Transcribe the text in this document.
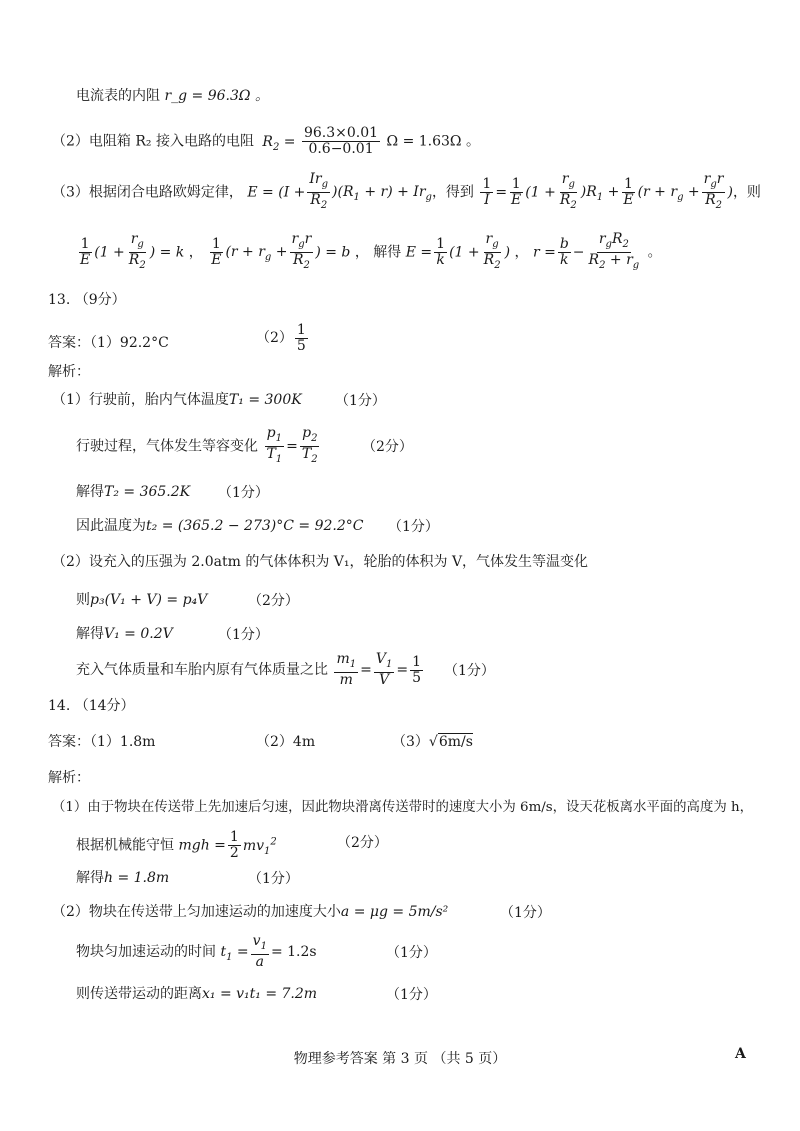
电流表的内阻 r_g = 96.3Ω 。
（2）电阻箱 R₂ 接入电路的电阻 $R_2 = \frac{96.3\times 0.01}{0.6-0.01}$ Ω = 1.63Ω 。
（3）根据闭合电路欧姆定律， $E = (I + \frac{Ir_g}{R_2} )(R_1 + r) + Ir_g$，得到 $\frac{1}{I} = \frac{1}{E} (1 + \frac{r_g}{R_2} )R_1 + \frac{1}{E} (r + r_g + \frac{r_gr}{R_2}$ )，则
$\frac{1}{E} (1 + \frac{r_g}{R_2}$ ) = k ， $\frac{1}{E} (r + r_g + \frac{r_gr}{R_2}$ ) = b ， 解得 $E = \frac{1}{k} (1 + \frac{r_g}{R_2}$ ) ， $r = \frac{b}{k} - \frac{r_gR_2}{R_2 + r_g}$ 。
13. （9分）
答案：（1）92.2°C	$(2) \frac{1}{5}$
解析：
（1）行驶前，胎内气体温度T₁ = 300K （1分）
行驶过程，气体发生等容变化 $\frac{p_1}{T_1} = \frac{p_2}{T_2}$	（2分）
解得T₂ = 365.2K （1分）
因此温度为t₂ = (365.2 − 273)°C = 92.2°C （1分）
（2）设充入的压强为 2.0atm 的气体体积为 V₁，轮胎的体积为 V，气体发生等温变化
则p₃(V₁ + V) = p₄V	（2分）
解得V₁ = 0.2V	（1分）
充入气体质量和车胎内原有气体质量之比 $\frac{m_1}{m} = \frac{V_1}{V} = \frac{1}{5} (1$分）
14. （14分）
答案：（1）1.8m	（2）4m	（3）√6m/s
解析：
（1）由于物块在传送带上先加速后匀速，因此物块滑离传送带时的速度大小为 6m/s，设天花板离水平面的高度为 h，
根据机械能守恒 mgh = $\frac{1}{2} mv_1^2$	（2分）
解得h = 1.8m	（1分）
（2）物块在传送带上匀加速运动的加速度大小a = μg = 5m/s²	（1分）
物块匀加速运动的时间 $t_1 = \frac{v_1}{a} = 1.2s$	（1分）
则传送带运动的距离x₁ = v₁t₁ = 7.2m	（1分）
物理参考答案 第 3 页 （共 5 页）	A
